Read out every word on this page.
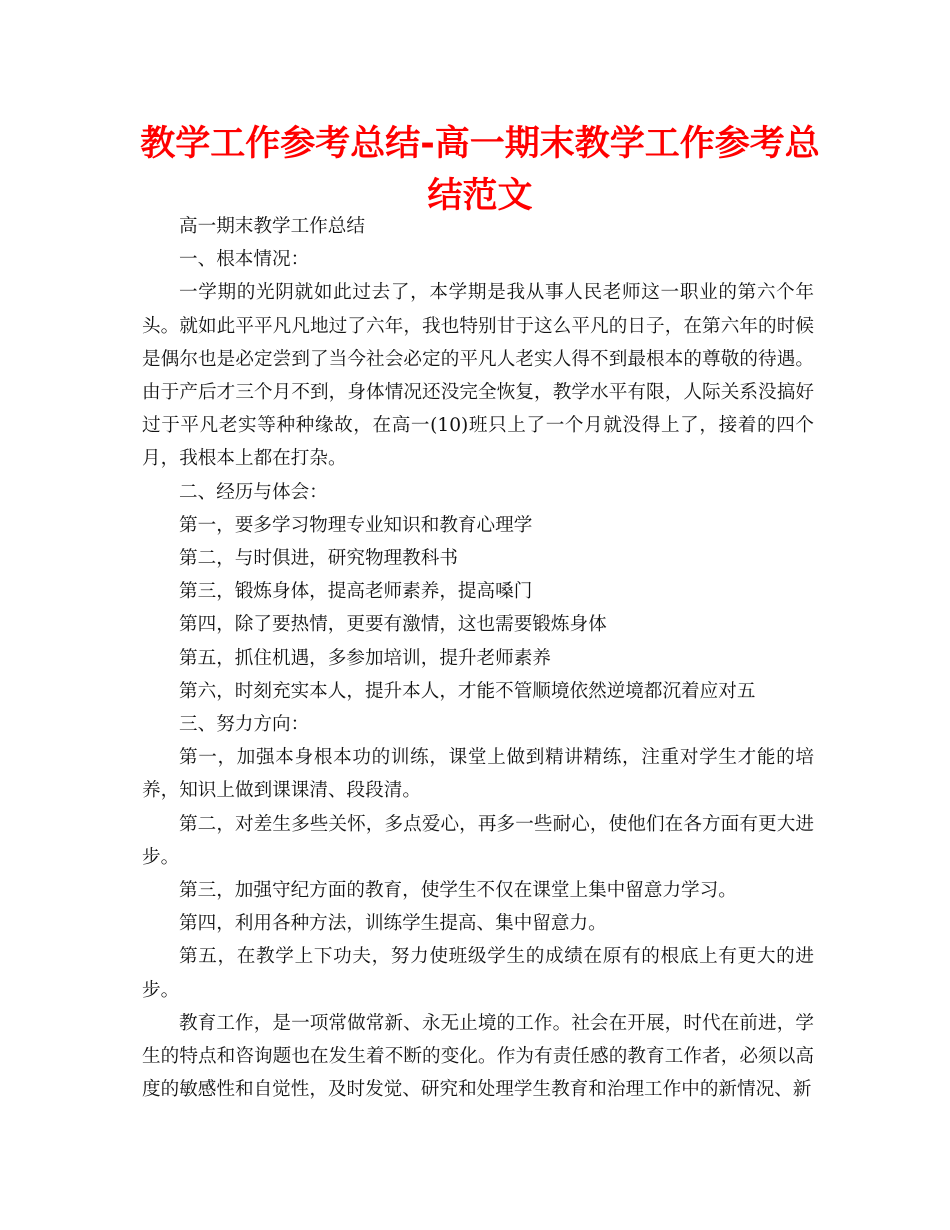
教学工作参考总结-高一期末教学工作参考总结范文

高一期末教学工作总结

一、根本情况：

一学期的光阴就如此过去了，本学期是我从事人民老师这一职业的第六个年头。就如此平平凡凡地过了六年，我也特别甘于这么平凡的日子，在第六年的时候是偶尔也是必定尝到了当今社会必定的平凡人老实人得不到最根本的尊敬的待遇。由于产后才三个月不到，身体情况还没完全恢复，教学水平有限，人际关系没搞好过于平凡老实等种种缘故，在高一(10)班只上了一个月就没得上了，接着的四个月，我根本上都在打杂。

二、经历与体会：

第一，要多学习物理专业知识和教育心理学

第二，与时俱进，研究物理教科书

第三，锻炼身体，提高老师素养，提高嗓门

第四，除了要热情，更要有激情，这也需要锻炼身体

第五，抓住机遇，多参加培训，提升老师素养

第六，时刻充实本人，提升本人，才能不管顺境依然逆境都沉着应对五

三、努力方向：

第一，加强本身根本功的训练，课堂上做到精讲精练，注重对学生才能的培养，知识上做到课课清、段段清。

第二，对差生多些关怀，多点爱心，再多一些耐心，使他们在各方面有更大进步。

第三，加强守纪方面的教育，使学生不仅在课堂上集中留意力学习。

第四，利用各种方法，训练学生提高、集中留意力。

第五，在教学上下功夫，努力使班级学生的成绩在原有的根底上有更大的进步。

教育工作，是一项常做常新、永无止境的工作。社会在开展，时代在前进，学生的特点和咨询题也在发生着不断的变化。作为有责任感的教育工作者，必须以高度的敏感性和自觉性，及时发觉、研究和处理学生教育和治理工作中的新情况、新
